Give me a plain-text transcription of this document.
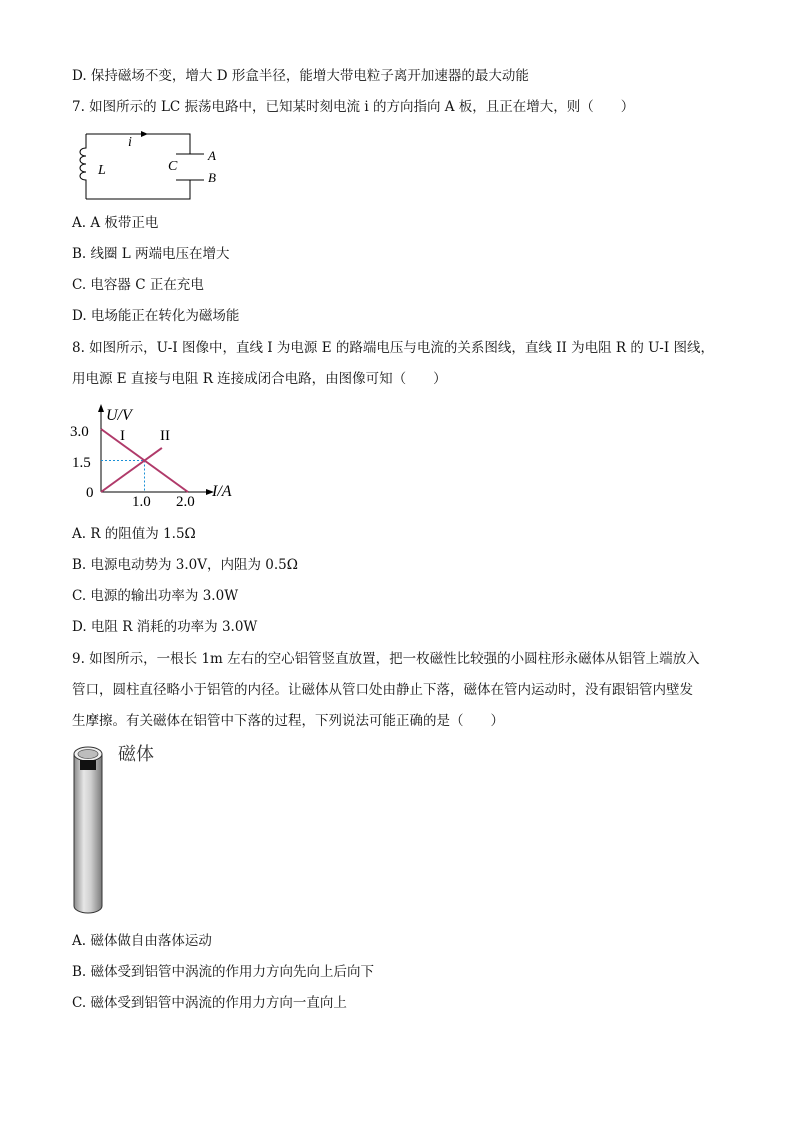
D. 保持磁场不变，增大 D 形盒半径，能增大带电粒子离开加速器的最大动能
7. 如图所示的 LC 振荡电路中，已知某时刻电流 i 的方向指向 A 板，且正在增大，则（　　）
i
L	C
A
B
A. A 板带正电
B. 线圈 L 两端电压在增大
C. 电容器 C 正在充电
D. 电场能正在转化为磁场能
8. 如图所示，U-I 图像中，直线 I 为电源 E 的路端电压与电流的关系图线，直线 II 为电阻 R 的 U-I 图线，
用电源 E 直接与电阻 R 连接成闭合电路，由图像可知（　　）
U/V
I/A
3.0
1.5
0
1.0 2.0
I II
A. R 的阻值为 1.5Ω
B. 电源电动势为 3.0V，内阻为 0.5Ω
C. 电源的输出功率为 3.0W
D. 电阻 R 消耗的功率为 3.0W
9. 如图所示，一根长 1m 左右的空心铝管竖直放置，把一枚磁性比较强的小圆柱形永磁体从铝管上端放入
管口，圆柱直径略小于铝管的内径。让磁体从管口处由静止下落，磁体在管内运动时，没有跟铝管内壁发
生摩擦。有关磁体在铝管中下落的过程，下列说法可能正确的是（　　）
磁体
A. 磁体做自由落体运动
B. 磁体受到铝管中涡流的作用力方向先向上后向下
C. 磁体受到铝管中涡流的作用力方向一直向上
